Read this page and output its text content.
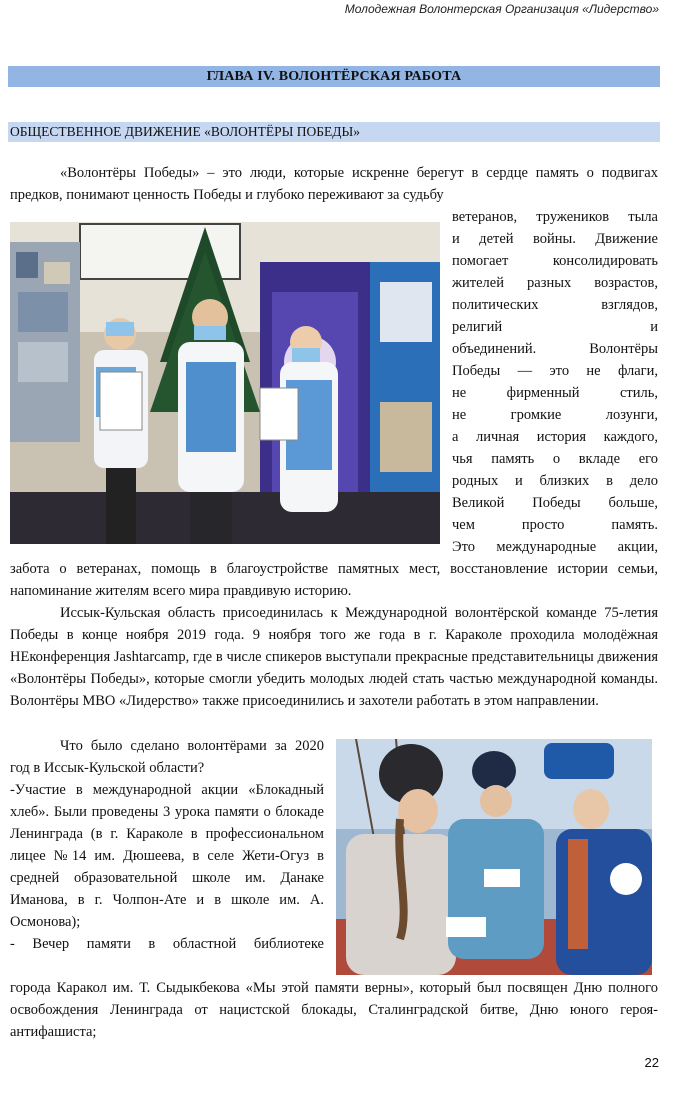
Молодежная Волонтерская Организация «Лидерство»
ГЛАВА IV. ВОЛОНТЁРСКАЯ РАБОТА
ОБЩЕСТВЕННОЕ ДВИЖЕНИЕ «ВОЛОНТЁРЫ ПОБЕДЫ»

«Волонтёры Победы» – это люди, которые искренне берегут в сердце память о подвигах предков, понимают ценность Победы и глубоко переживают за судьбу

ветеранов, тружеников тыла
и детей войны. Движение
помогает консолидировать
жителей разных возрастов,
политических взглядов,
религий и
объединений. Волонтёры
Победы — это не флаги,
не фирменный стиль,
не громкие лозунги,
а личная история каждого,
чья память о вкладе его
родных и близких в дело
Великой Победы больше,
чем просто память.
Это международные акции,

забота о ветеранах, помощь в благоустройстве памятных мест, восстановление истории семьи, напоминание жителям всего мира правдивую историю.

Иссык-Кульская область присоединилась к Международной волонтёрской команде 75-летия Победы в конце ноября 2019 года. 9 ноября того же года в г. Караколе проходила молодёжная НЕконференция Jashtarcamp, где в числе спикеров выступали прекрасные представительницы движения «Волонтёры Победы», которые смогли убедить молодых людей стать частью международной команды. Волонтёры МВО «Лидерство» также присоединились и захотели работать в этом направлении.

Что было сделано волонтёрами за 2020 год в Иссык-Кульской области?
-Участие в международной акции «Блокадный хлеб». Были проведены 3 урока памяти о блокаде Ленинграда (в г. Караколе в профессиональном лицее №14 им. Дюшеева, в селе Жети-Огуз в средней образовательной школе им. Данаке Иманова, в г. Чолпон-Ате и в школе им. А. Осмонова);
- Вечер памяти в областной библиотеке

города Каракол им. Т. Сыдыкбекова «Мы этой памяти верны», который был посвящен Дню полного освобождения Ленинграда от нацистской блокады, Сталинградской битве, Дню юного героя-антифашиста;

22
